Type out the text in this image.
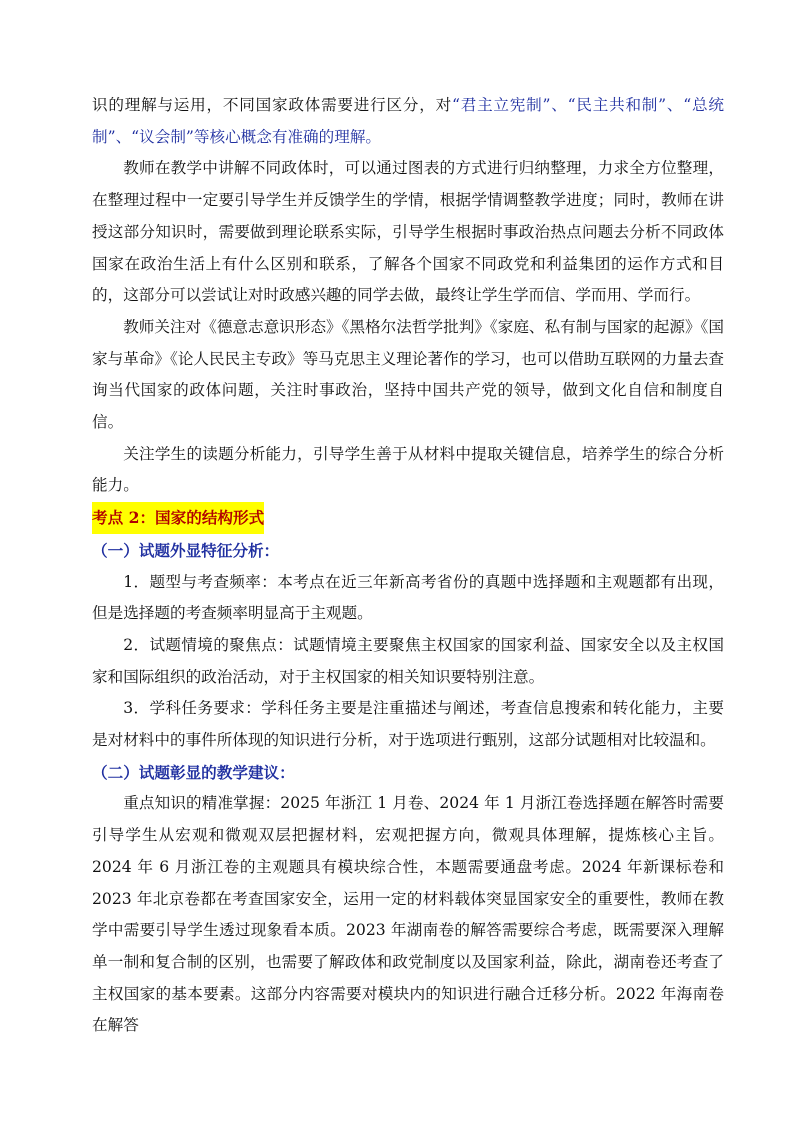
识的理解与运用，不同国家政体需要进行区分，对“君主立宪制”、“民主共和制”、“总统制”、“议会制”等核心概念有准确的理解。

教师在教学中讲解不同政体时，可以通过图表的方式进行归纳整理，力求全方位整理，在整理过程中一定要引导学生并反馈学生的学情，根据学情调整教学进度；同时，教师在讲授这部分知识时，需要做到理论联系实际，引导学生根据时事政治热点问题去分析不同政体国家在政治生活上有什么区别和联系，了解各个国家不同政党和利益集团的运作方式和目的，这部分可以尝试让对时政感兴趣的同学去做，最终让学生学而信、学而用、学而行。

教师关注对《德意志意识形态》《黑格尔法哲学批判》《家庭、私有制与国家的起源》《国家与革命》《论人民民主专政》等马克思主义理论著作的学习，也可以借助互联网的力量去查询当代国家的政体问题，关注时事政治，坚持中国共产党的领导，做到文化自信和制度自信。

关注学生的读题分析能力，引导学生善于从材料中提取关键信息，培养学生的综合分析能力。

考点 2：国家的结构形式

（一）试题外显特征分析：

1．题型与考查频率：本考点在近三年新高考省份的真题中选择题和主观题都有出现，但是选择题的考查频率明显高于主观题。

2．试题情境的聚焦点：试题情境主要聚焦主权国家的国家利益、国家安全以及主权国家和国际组织的政治活动，对于主权国家的相关知识要特别注意。

3．学科任务要求：学科任务主要是注重描述与阐述，考查信息搜索和转化能力，主要是对材料中的事件所体现的知识进行分析，对于选项进行甄别，这部分试题相对比较温和。

（二）试题彰显的教学建议：

重点知识的精准掌握：2025 年浙江 1 月卷、2024 年 1 月浙江卷选择题在解答时需要引导学生从宏观和微观双层把握材料，宏观把握方向，微观具体理解，提炼核心主旨。2024 年 6 月浙江卷的主观题具有模块综合性，本题需要通盘考虑。2024 年新课标卷和 2023 年北京卷都在考查国家安全，运用一定的材料载体突显国家安全的重要性，教师在教学中需要引导学生透过现象看本质。2023 年湖南卷的解答需要综合考虑，既需要深入理解单一制和复合制的区别，也需要了解政体和政党制度以及国家利益，除此，湖南卷还考查了主权国家的基本要素。这部分内容需要对模块内的知识进行融合迁移分析。2022 年海南卷在解答
